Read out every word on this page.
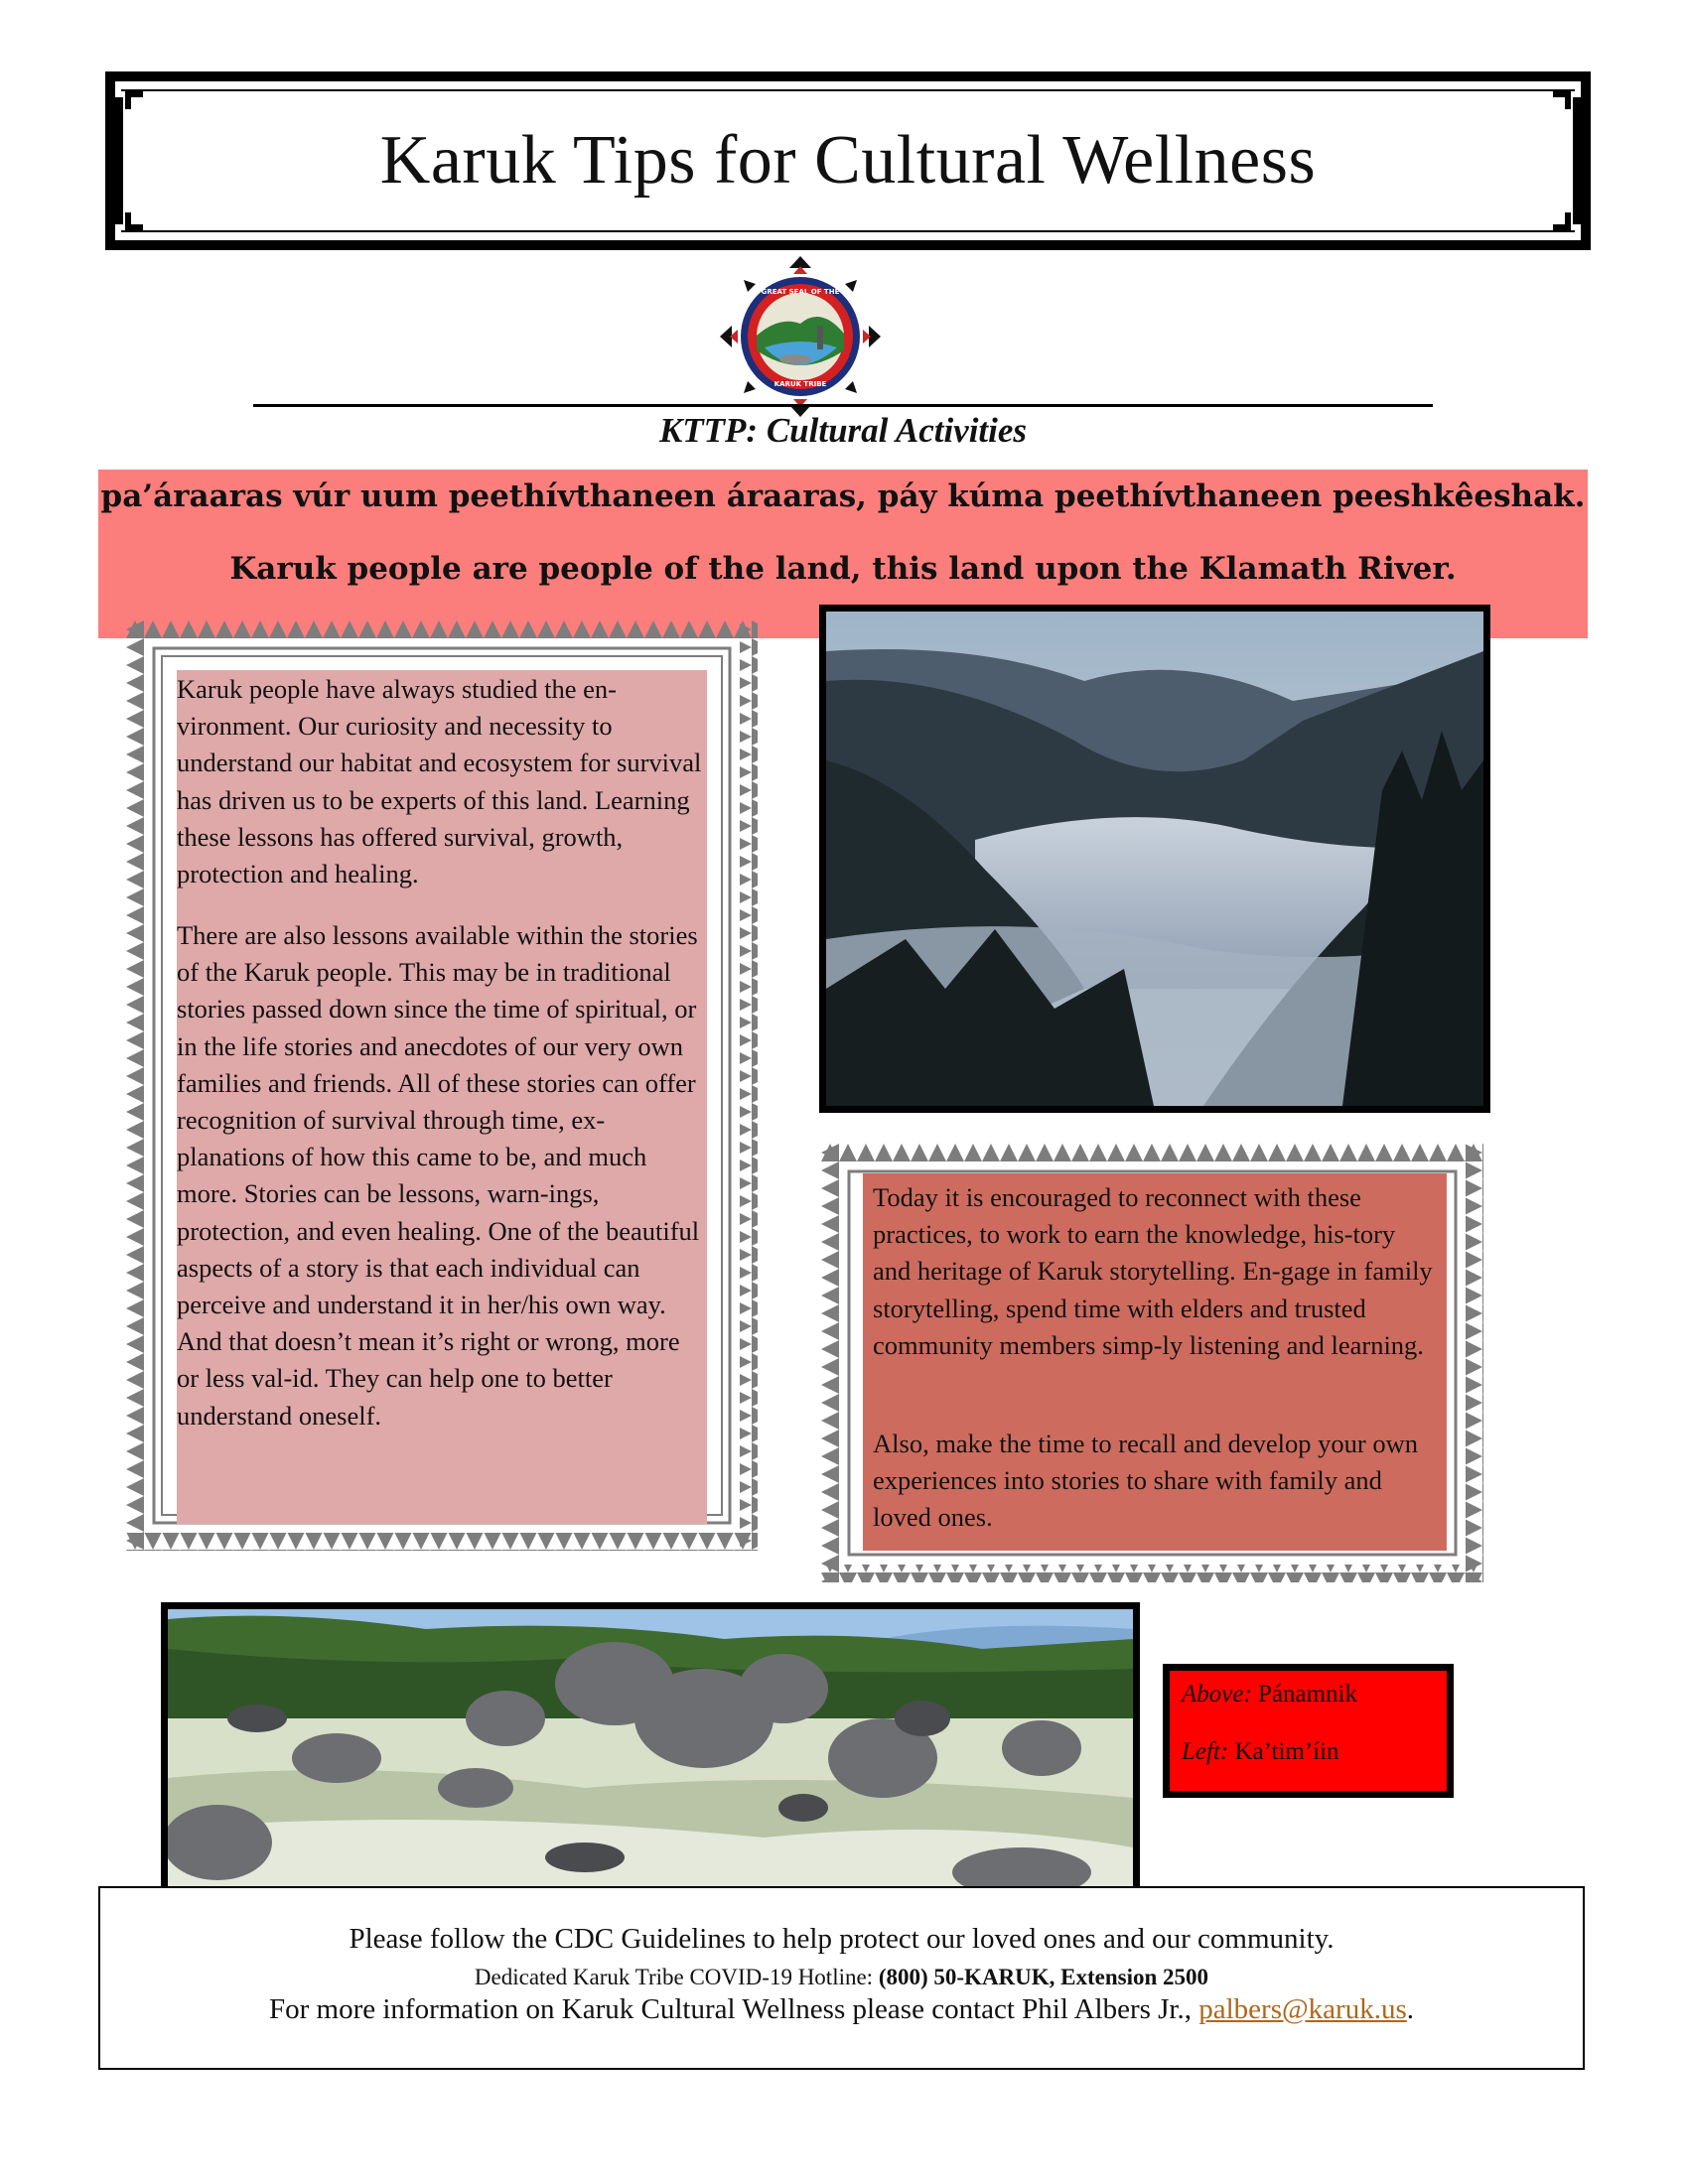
Karuk Tips for Cultural Wellness
GREAT SEAL OF THE
KARUK TRIBE
KTTP: Cultural Activities
pa’áraaras vúr uum peethívthaneen áraaras, páy kúma peethívthaneen peeshkêeshak.
Karuk people are people of the land, this land upon the Klamath River.
Karuk people have always studied the en-vironment. Our curiosity and necessity to understand our habitat and ecosystem for survival has driven us to be experts of this land. Learning these lessons has offered survival, growth, protection and healing.
There are also lessons available within the stories of the Karuk people. This may be in traditional stories passed down since the time of spiritual, or in the life stories and anecdotes of our very own families and friends. All of these stories can offer recognition of survival through time, ex-planations of how this came to be, and much more. Stories can be lessons, warn-ings, protection, and even healing. One of the beautiful aspects of a story is that each individual can perceive and understand it in her/his own way. And that doesn’t mean it’s right or wrong, more or less val-id. They can help one to better understand oneself.
Today it is encouraged to reconnect with these practices, to work to earn the knowledge, his-tory and heritage of Karuk storytelling. En-gage in family storytelling, spend time with elders and trusted community members simp-ly listening and learning.
Also, make the time to recall and develop your own experiences into stories to share with family and loved ones.
Above: Pánamnik
Left: Ka’tim’íin
Please follow the CDC Guidelines to help protect our loved ones and our community.
Dedicated Karuk Tribe COVID-19 Hotline: (800) 50-KARUK, Extension 2500
For more information on Karuk Cultural Wellness please contact Phil Albers Jr., palbers@karuk.us.
